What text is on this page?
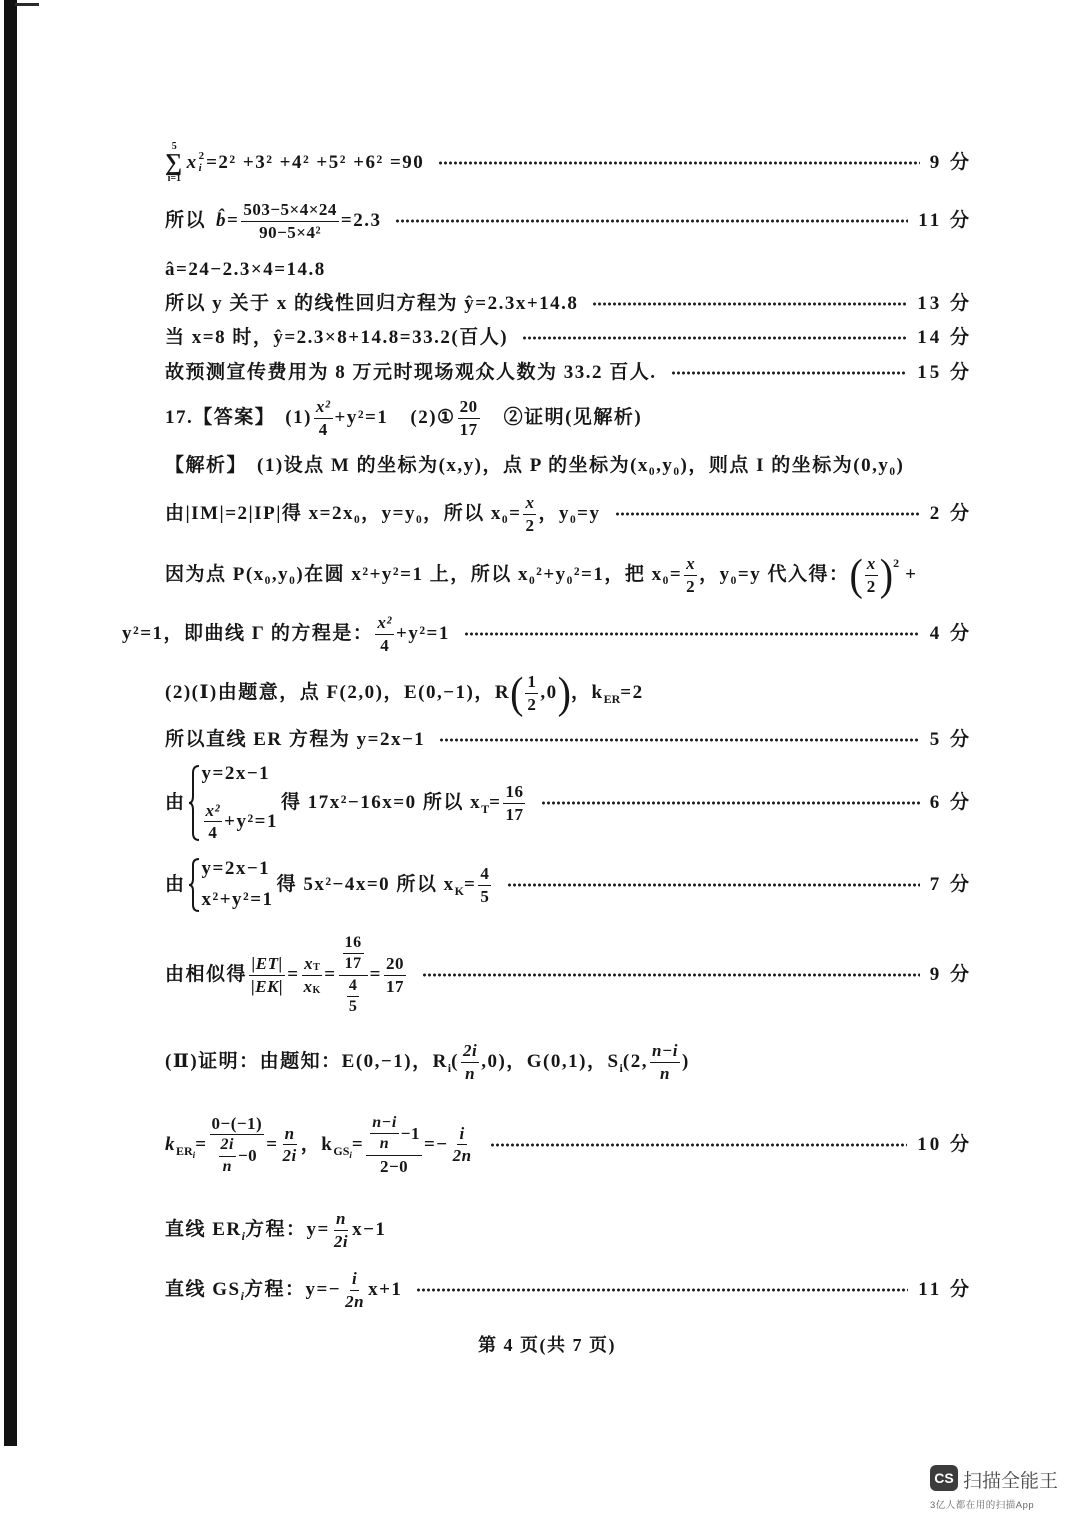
5
∑
i=1
x 2
i =2² +3² +4² +5² +6² =90	9 分
所以 b̂ = $\frac{503-5\times 4\times 24}{\text{90−5×4²}} =2.3$	11 分
â=24−2.3×4=14.8
所以 y 关于 x 的线性回归方程为 ŷ=2.3x+14.8	13 分
当 x=8 时，ŷ=2.3×8+14.8=33.2(百人)	14 分
故预测宣传费用为 8 万元时现场观众人数为 33.2 百人.	15 分
17.【答案】 $(1) \frac{\text{x²}}{4} +y^2=1$ (2)① $\frac{20}{17}$ ②证明(见解析)
【解析】 (1)设点 M 的坐标为(x,y)，点 P 的坐标为(x₀,y₀)，则点 I 的坐标为(0,y₀)
由|IM|=2|IP|得 x=2x₀，y=y₀，所以 $x_0= \frac{x}{2}$ ，y₀=y	2 分
因为点 P(x₀,y₀)在圆 x²+y²=1 上，所以 x₀²+y₀²=1，把 $x_0= \frac{x}{2}$ ，y₀=y 代入得： ( $\frac{x}{2}$ ) 2
+
y²=1，即曲线 Γ 的方程是： $\frac{\text{x²}}{4} +y^2=1$	4 分
(2)(Ⅰ)由题意，点 F(2,0)，E(0,−1)，R ( $\frac{1}{2} ,0$ ) ，k ER =2
所以直线 ER 方程为 y=2x−1	5 分
由
y=2x−1
$\frac{\text{x²}}{4} +y^2=1$
得 17x²−16x=0 所以 x $T = \frac{16}{17}$	6 分
由
y=2x−1
x²+y²=1
得 5x²−4x=0 所以 x $K = \frac{4}{5}$	7 分
由相似得 $\frac{|ET|}{|EK|} = \frac{\text{x T}}{\text{x K}} = \frac{\frac{16}{17}}{\frac{4}{5}} = \frac{20}{17}$	9 分
(Ⅱ)证明：由题知：E(0,−1)，R i ( $\frac{2i}{n} ,0$)，G(0,1)，S i (2, $\frac{n-i}{n}$ )
k ER $i = \frac{0-(-1)}{\frac{2i}{n} -0} = \frac{n}{2i}$ ，k GS $i = \frac{\frac{n-i}{n} -1}{2-0} =- \frac{i}{2n}$	10 分
直线 ER i 方程：$y= \frac{n}{2i} x-1$
直线 GS i 方程：$y=- \frac{i}{2n} x+1$	11 分
第 4 页(共 7 页)
CS 扫描全能王
3亿人都在用的扫描App
